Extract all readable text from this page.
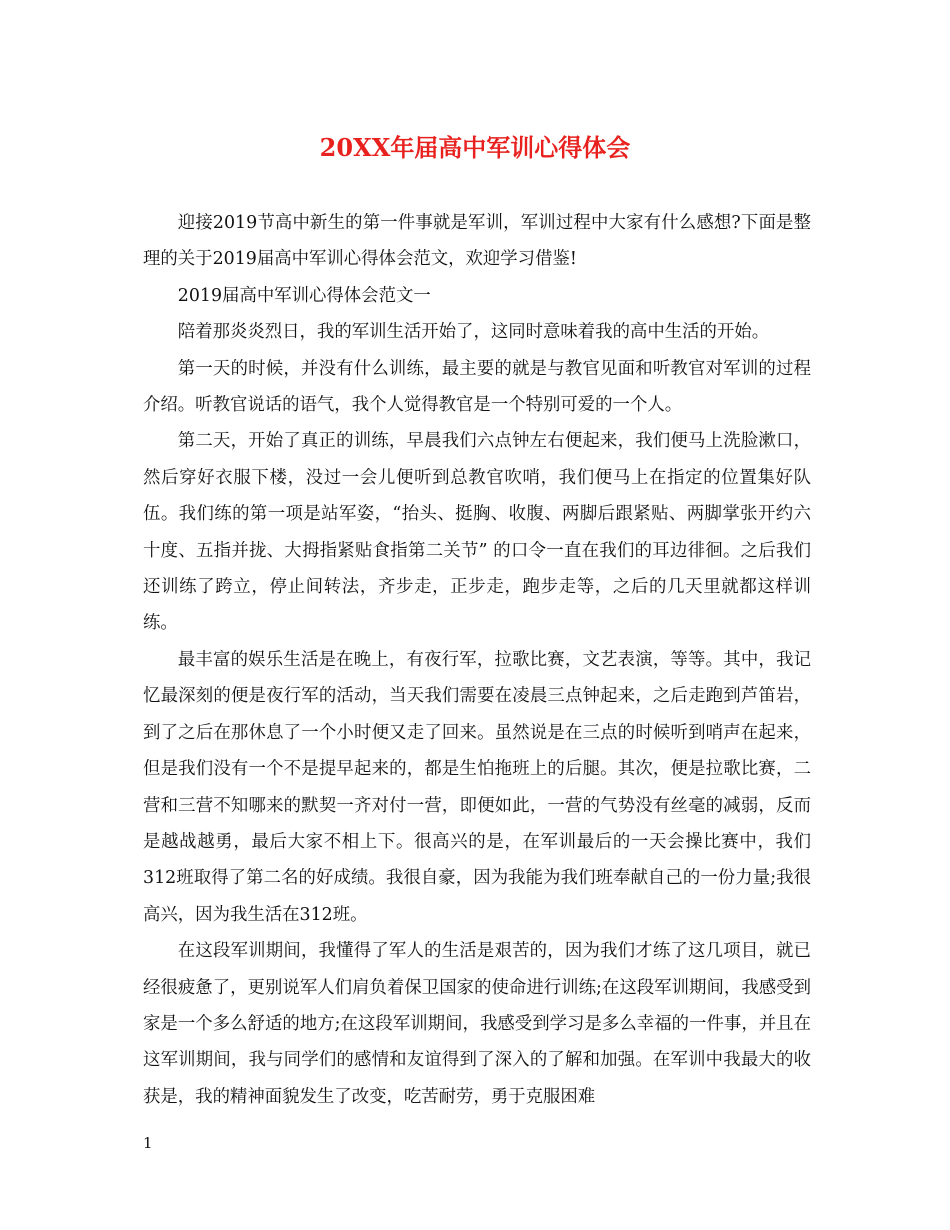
20XX年届高中军训心得体会

迎接2019节高中新生的第一件事就是军训，军训过程中大家有什么感想?下面是整理的关于2019届高中军训心得体会范文，欢迎学习借鉴!

2019届高中军训心得体会范文一

陪着那炎炎烈日，我的军训生活开始了，这同时意味着我的高中生活的开始。

第一天的时候，并没有什么训练，最主要的就是与教官见面和听教官对军训的过程介绍。听教官说话的语气，我个人觉得教官是一个特别可爱的一个人。

第二天，开始了真正的训练，早晨我们六点钟左右便起来，我们便马上洗脸漱口，然后穿好衣服下楼，没过一会儿便听到总教官吹哨，我们便马上在指定的位置集好队伍。我们练的第一项是站军姿，“抬头、挺胸、收腹、两脚后跟紧贴、两脚掌张开约六十度、五指并拢、大拇指紧贴食指第二关节” 的口令一直在我们的耳边徘徊。之后我们还训练了跨立，停止间转法，齐步走，正步走，跑步走等，之后的几天里就都这样训练。

最丰富的娱乐生活是在晚上，有夜行军，拉歌比赛，文艺表演，等等。其中，我记忆最深刻的便是夜行军的活动，当天我们需要在凌晨三点钟起来，之后走跑到芦笛岩，到了之后在那休息了一个小时便又走了回来。虽然说是在三点的时候听到哨声在起来，但是我们没有一个不是提早起来的，都是生怕拖班上的后腿。其次，便是拉歌比赛，二营和三营不知哪来的默契一齐对付一营，即便如此，一营的气势没有丝毫的减弱，反而是越战越勇，最后大家不相上下。很高兴的是，在军训最后的一天会操比赛中，我们312班取得了第二名的好成绩。我很自豪，因为我能为我们班奉献自己的一份力量;我很高兴，因为我生活在312班。

在这段军训期间，我懂得了军人的生活是艰苦的，因为我们才练了这几项目，就已经很疲惫了，更别说军人们肩负着保卫国家的使命进行训练;在这段军训期间，我感受到家是一个多么舒适的地方;在这段军训期间，我感受到学习是多么幸福的一件事，并且在这军训期间，我与同学们的感情和友谊得到了深入的了解和加强。在军训中我最大的收获是，我的精神面貌发生了改变，吃苦耐劳，勇于克服困难

1
